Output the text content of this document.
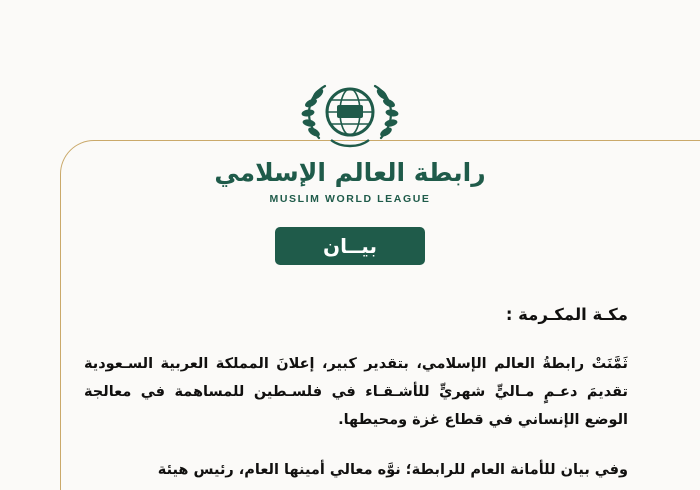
رابطة العالم الإسلامي
MUSLIM WORLD LEAGUE
بيــان
مكـة المكـرمة :
ثَمَّنَتْ رابطةُ العالم الإسلامي، بتقدير كبير، إعلانَ المملكة العربية السـعودية تقديمَ دعـمٍ مـاليٍّ شهريٍّ للأشـقـاء في فلسـطين للمساهمة في معالجة الوضع الإنساني في قطاع غزة ومحيطها.
وفي بيان للأمانة العام للرابطة؛ نوَّه معالي أمينها العام، رئيس هيئة
